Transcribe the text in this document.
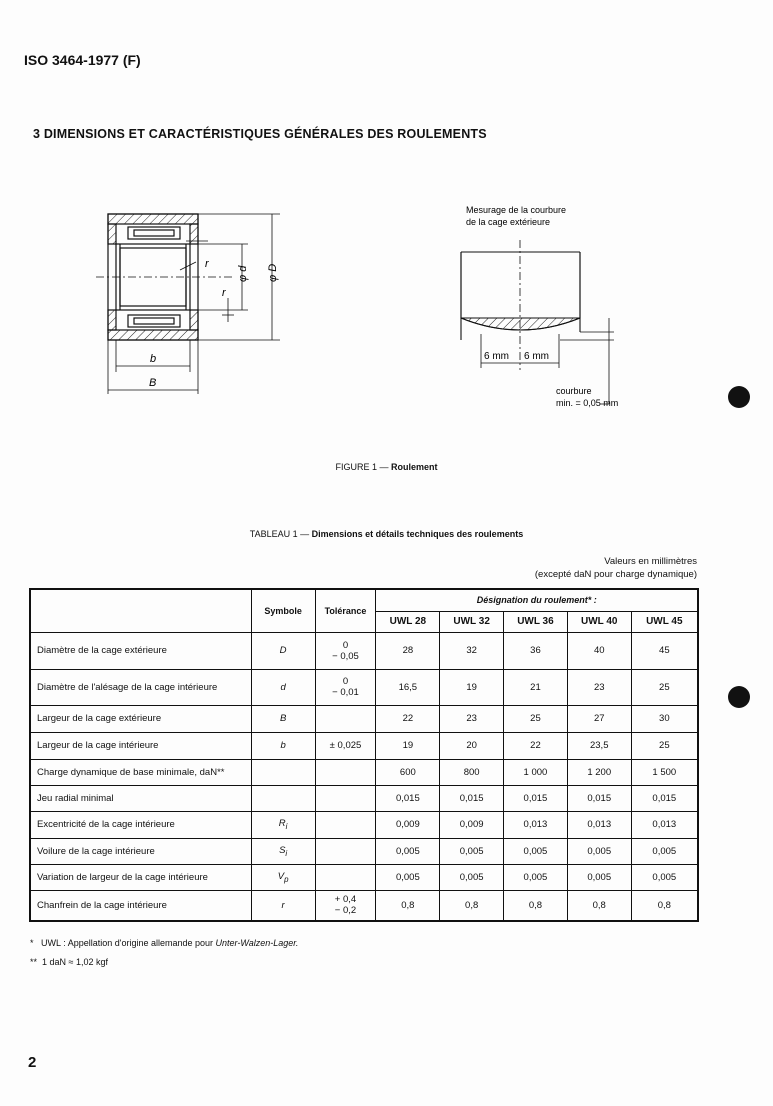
ISO 3464-1977 (F)
3 DIMENSIONS ET CARACTÉRISTIQUES GÉNÉRALES DES ROULEMENTS
r
r
φ d φ D
b
B
Mesurage de la courbure
de la cage extérieure
6 mm 6 mm
courbure
min. = 0,05 mm
FIGURE 1 — Roulement
TABLEAU 1 — Dimensions et détails techniques des roulements
Valeurs en millimètres
(excepté daN pour charge dynamique)
	Symbole	Tolérance	Désignation du roulement* :				
			UWL 28	UWL 32	UWL 36	UWL 40	UWL 45
Diamètre de la cage extérieure	D	0
− 0,05	28	32	36	40	45
Diamètre de l'alésage de la cage intérieure	d	0
− 0,01	16,5	19	21	23	25
Largeur de la cage extérieure	B		22	23	25	27	30
Largeur de la cage intérieure	b	± 0,025	19	20	22	23,5	25
Charge dynamique de base minimale, daN**			600	800	1 000	1 200	1 500
Jeu radial minimal			0,015	0,015	0,015	0,015	0,015
Excentricité de la cage intérieure	$R_i$		0,009	0,009	0,013	0,013	0,013
Voilure de la cage intérieure	$S_i$		0,005	0,005	0,005	0,005	0,005
Variation de largeur de la cage intérieure	$V_p$		0,005	0,005	0,005	0,005	0,005
Chanfrein de la cage intérieure	r	+ 0,4
− 0,2	0,8	0,8	0,8	0,8	0,8
* UWL : Appellation d'origine allemande pour Unter-Walzen-Lager.
** 1 daN ≈ 1,02 kgf
2
